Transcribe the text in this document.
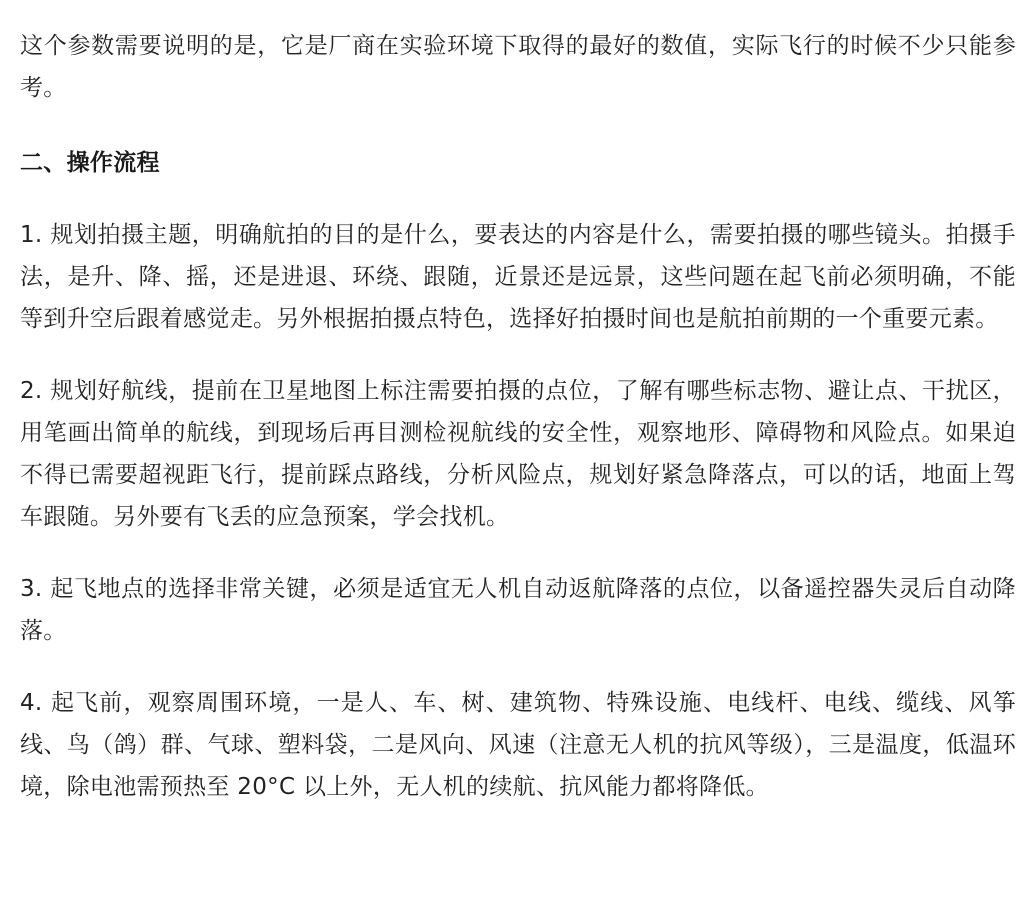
这个参数需要说明的是，它是厂商在实验环境下取得的最好的数值，实际飞行的时候不少只能参考。

二、操作流程

1. 规划拍摄主题，明确航拍的目的是什么，要表达的内容是什么，需要拍摄的哪些镜头。拍摄手法，是升、降、摇，还是进退、环绕、跟随，近景还是远景，这些问题在起飞前必须明确，不能等到升空后跟着感觉走。另外根据拍摄点特色，选择好拍摄时间也是航拍前期的一个重要元素。

2. 规划好航线，提前在卫星地图上标注需要拍摄的点位，了解有哪些标志物、避让点、干扰区，用笔画出简单的航线，到现场后再目测检视航线的安全性，观察地形、障碍物和风险点。如果迫不得已需要超视距飞行，提前踩点路线，分析风险点，规划好紧急降落点，可以的话，地面上驾车跟随。另外要有飞丢的应急预案，学会找机。

3. 起飞地点的选择非常关键，必须是适宜无人机自动返航降落的点位，以备遥控器失灵后自动降落。

4. 起飞前，观察周围环境，一是人、车、树、建筑物、特殊设施、电线杆、电线、缆线、风筝线、鸟（鸽）群、气球、塑料袋，二是风向、风速（注意无人机的抗风等级），三是温度，低温环境，除电池需预热至 20°C 以上外，无人机的续航、抗风能力都将降低。
